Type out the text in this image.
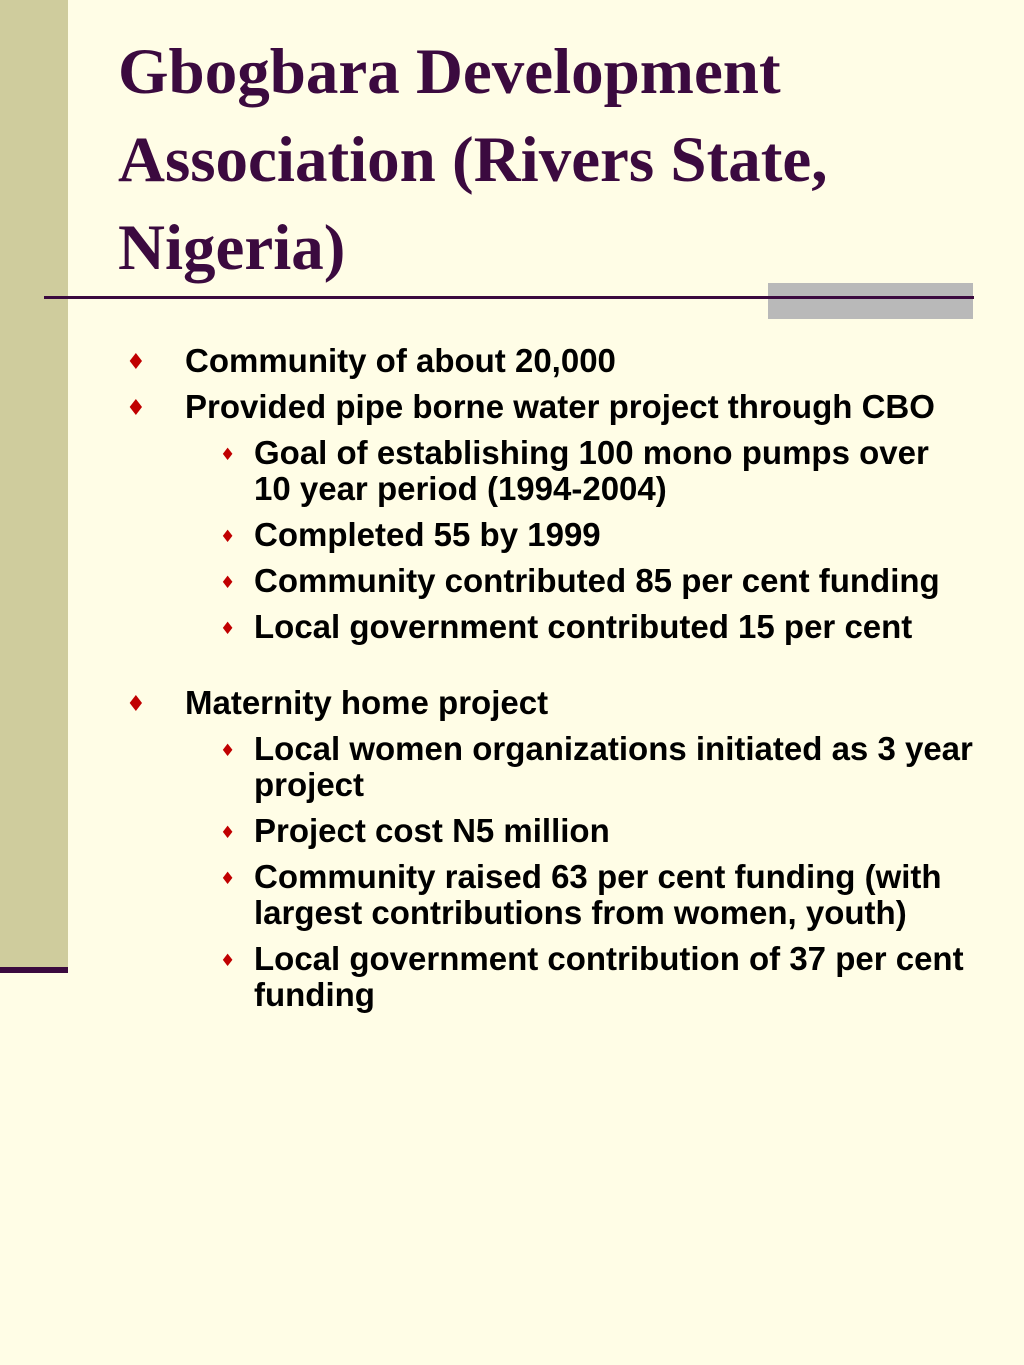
Gbogbara Development Association (Rivers State, Nigeria)
♦ Community of about 20,000
♦ Provided pipe borne water project through CBO
♦ Goal of establishing 100 mono pumps over 10 year period (1994-2004)
♦ Completed 55 by 1999
♦ Community contributed 85 per cent funding
♦ Local government contributed 15 per cent
♦ Maternity home project
♦ Local women organizations initiated as 3 year project
♦ Project cost N5 million
♦ Community raised 63 per cent funding (with largest contributions from women, youth)
♦ Local government contribution of 37 per cent funding
